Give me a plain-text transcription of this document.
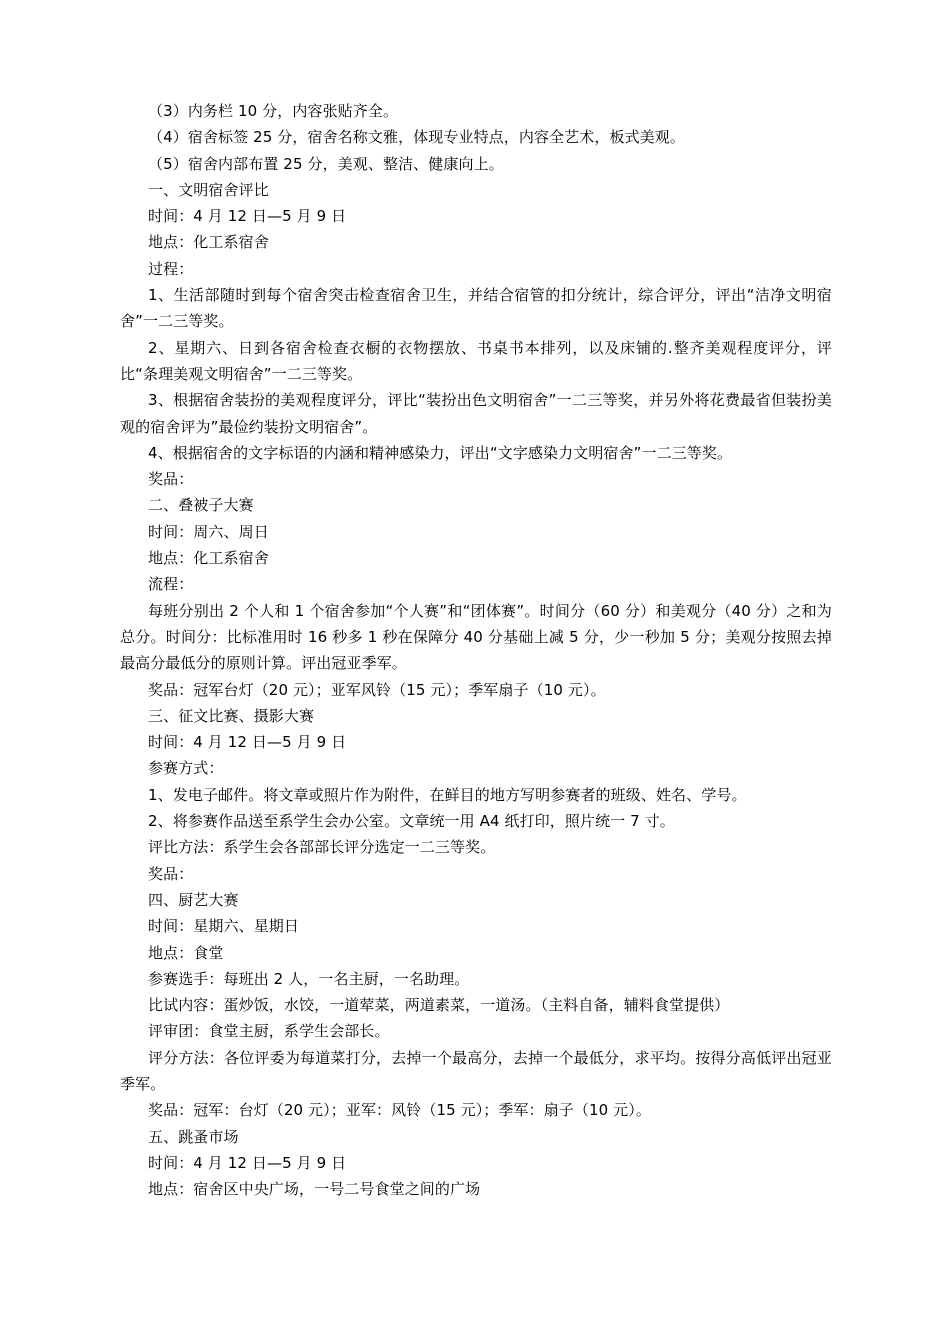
（3）内务栏 10 分，内容张贴齐全。

（4）宿舍标签 25 分，宿舍名称文雅，体现专业特点，内容全艺术，板式美观。

（5）宿舍内部布置 25 分，美观、整洁、健康向上。

一、文明宿舍评比

时间：4 月 12 日—5 月 9 日

地点：化工系宿舍

过程：

1、生活部随时到每个宿舍突击检查宿舍卫生，并结合宿管的扣分统计，综合评分，评出“洁净文明宿舍”一二三等奖。

2、星期六、日到各宿舍检查衣橱的衣物摆放、书桌书本排列，以及床铺的.整齐美观程度评分，评比“条理美观文明宿舍”一二三等奖。

3、根据宿舍装扮的美观程度评分，评比“装扮出色文明宿舍”一二三等奖，并另外将花费最省但装扮美观的宿舍评为”最俭约装扮文明宿舍”。

4、根据宿舍的文字标语的内涵和精神感染力，评出“文字感染力文明宿舍”一二三等奖。

奖品：

二、叠被子大赛

时间：周六、周日

地点：化工系宿舍

流程：

每班分别出 2 个人和 1 个宿舍参加“个人赛”和“团体赛”。时间分（60 分）和美观分（40 分）之和为总分。时间分：比标准用时 16 秒多 1 秒在保障分 40 分基础上减 5 分，少一秒加 5 分；美观分按照去掉最高分最低分的原则计算。评出冠亚季军。

奖品：冠军台灯（20 元）；亚军风铃（15 元）；季军扇子（10 元）。

三、征文比赛、摄影大赛

时间：4 月 12 日—5 月 9 日

参赛方式：

1、发电子邮件。将文章或照片作为附件，在鲜目的地方写明参赛者的班级、姓名、学号。

2、将参赛作品送至系学生会办公室。文章统一用 A4 纸打印，照片统一 7 寸。

评比方法：系学生会各部部长评分选定一二三等奖。

奖品：

四、厨艺大赛

时间：星期六、星期日

地点：食堂

参赛选手：每班出 2 人，一名主厨，一名助理。

比试内容：蛋炒饭，水饺，一道荤菜，两道素菜，一道汤。（主料自备，辅料食堂提供）

评审团：食堂主厨，系学生会部长。

评分方法：各位评委为每道菜打分，去掉一个最高分，去掉一个最低分，求平均。按得分高低评出冠亚季军。

奖品：冠军：台灯（20 元）；亚军：风铃（15 元）；季军：扇子（10 元）。

五、跳蚤市场

时间：4 月 12 日—5 月 9 日

地点：宿舍区中央广场，一号二号食堂之间的广场
